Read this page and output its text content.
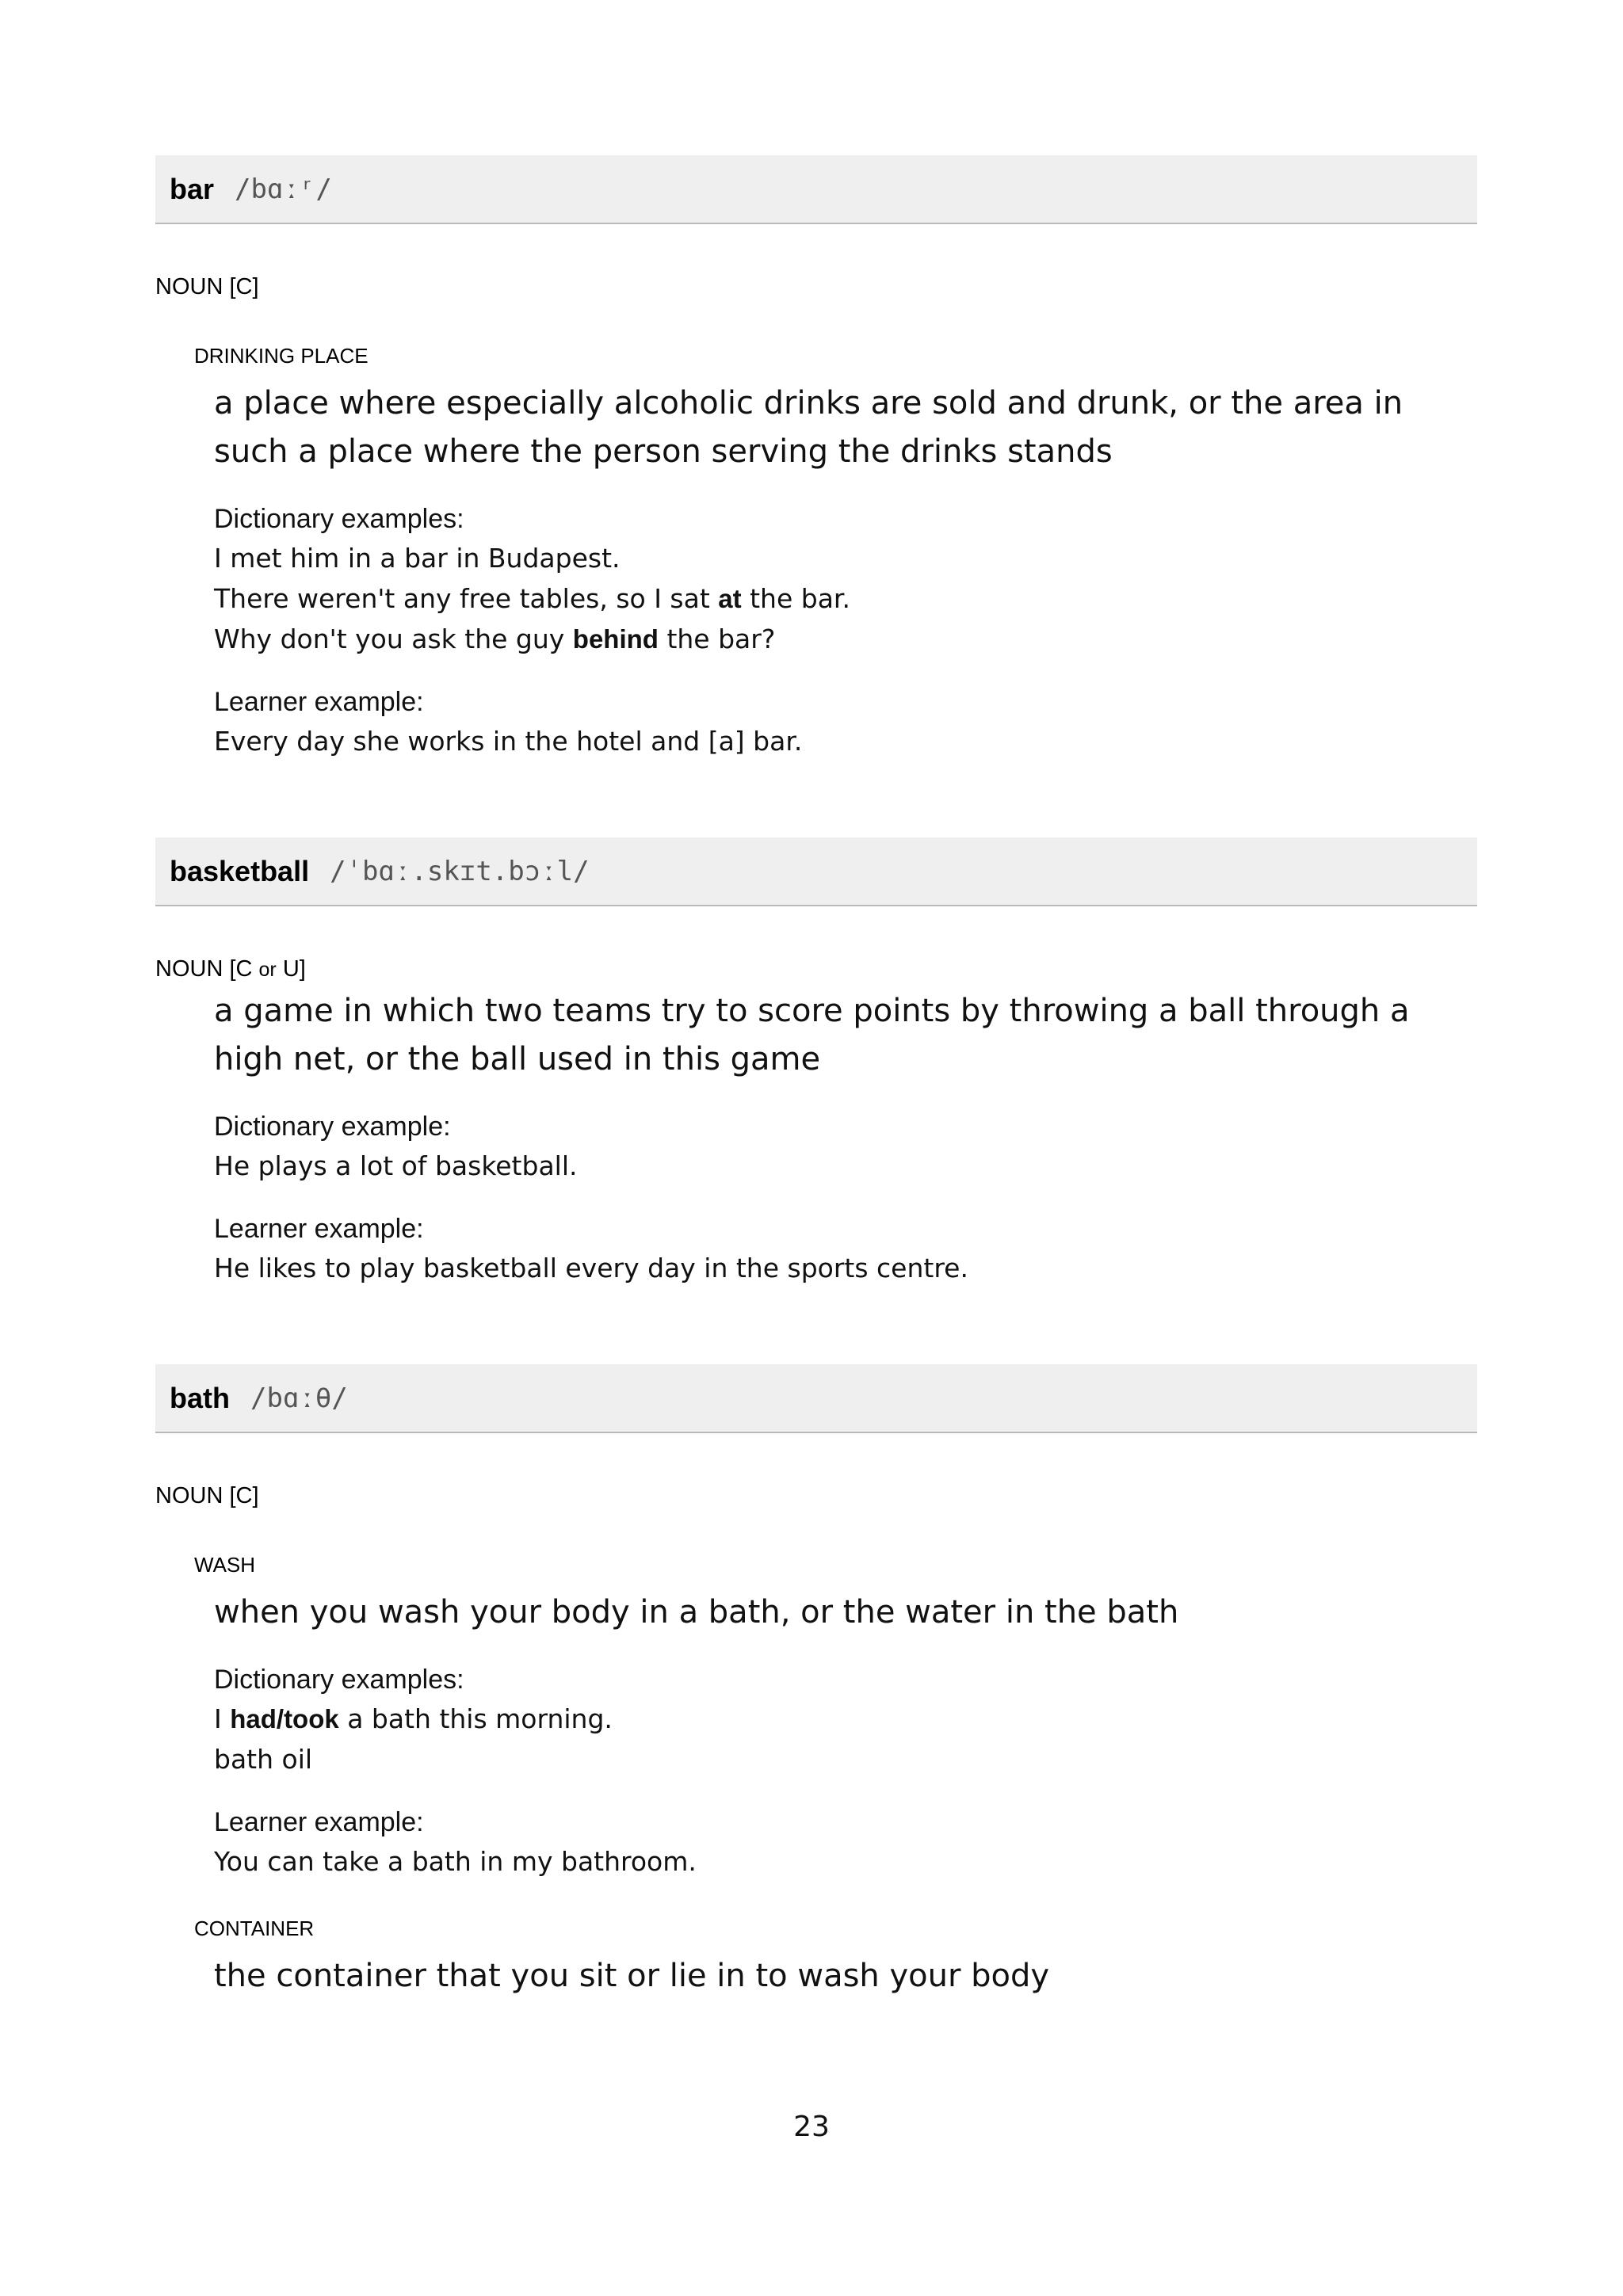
bar /bɑːʳ/
NOUN [C]
DRINKING PLACE
a place where especially alcoholic drinks are sold and drunk, or the area in such a place where the person serving the drinks stands
Dictionary examples:
I met him in a bar in Budapest.
There weren't any free tables, so I sat at the bar.
Why don't you ask the guy behind the bar?
Learner example:
Every day she works in the hotel and [a] bar.
basketball /ˈbɑː.skɪt.bɔːl/
NOUN [C or U]
a game in which two teams try to score points by throwing a ball through a high net, or the ball used in this game
Dictionary example:
He plays a lot of basketball.
Learner example:
He likes to play basketball every day in the sports centre.
bath /bɑːθ/
NOUN [C]
WASH
when you wash your body in a bath, or the water in the bath
Dictionary examples:
I had/took a bath this morning.
bath oil
Learner example:
You can take a bath in my bathroom.
CONTAINER
the container that you sit or lie in to wash your body
23
